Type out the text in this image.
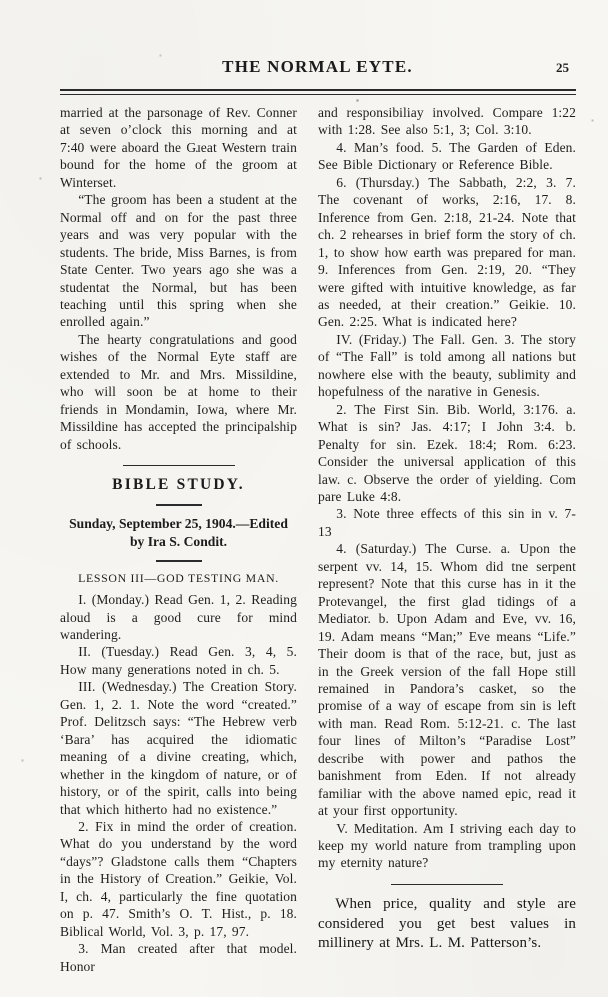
THE NORMAL EYTE.	25

married at the parsonage of Rev. Conner at seven o’clock this morning and at 7:40 were aboard the Gɹeat Western train bound for the home of the groom at Winterset.

“The groom has been a student at the Normal off and on for the past three years and was very popular with the students. The bride, Miss Barnes, is from State Center. Two years ago she was a studentat the Normal, but has been teaching until this spring when she enrolled again.”

The hearty congratulations and good wishes of the Normal Eyte staff are extended to Mr. and Mrs. Missildine, who will soon be at home to their friends in Mondamin, Iowa, where Mr. Missildine has accepted the principalship of schools.

BIBLE STUDY.
Sunday, September 25, 1904.—Edited by Ira S. Condit.
LESSON III—GOD TESTING MAN.

I. (Monday.) Read Gen. 1, 2. Reading aloud is a good cure for mind wandering.

II. (Tuesday.) Read Gen. 3, 4, 5. How many generations noted in ch. 5.

III. (Wednesday.) The Creation Story. Gen. 1, 2. 1. Note the word “created.” Prof. Delitzsch says: “The Hebrew verb ‘Bara’ has acquired the idiomatic meaning of a divine creating, which, whether in the kingdom of nature, or of history, or of the spirit, calls into being that which hitherto had no existence.”

2. Fix in mind the order of creation. What do you understand by the word “days”? Gladstone calls them “Chapters in the History of Creation.” Geikie, Vol. I, ch. 4, particularly the fine quotation on p. 47. Smith’s O. T. Hist., p. 18. Biblical World, Vol. 3, p. 17, 97.

3. Man created after that model. Honor

and responsibiliay involved. Compare 1:22 with 1:28. See also 5:1, 3; Col. 3:10.

4. Man’s food. 5. The Garden of Eden. See Bible Dictionary or Reference Bible.

6. (Thursday.) The Sabbath, 2:2, 3. 7. The covenant of works, 2:16, 17. 8. Inference from Gen. 2:18, 21-24. Note that ch. 2 rehearses in brief form the story of ch. 1, to show how earth was prepared for man. 9. Inferences from Gen. 2:19, 20. “They were gifted with intuitive knowledge, as far as needed, at their creation.” Geikie. 10. Gen. 2:25. What is indicated here?

IV. (Friday.) The Fall. Gen. 3. The story of “The Fall” is told among all nations but nowhere else with the beauty, sublimity and hopefulness of the narative in Genesis.

2. The First Sin. Bib. World, 3:176. a. What is sin? Jas. 4:17; I John 3:4. b. Penalty for sin. Ezek. 18:4; Rom. 6:23. Consider the universal application of this law. c. Observe the order of yielding. Com pare Luke 4:8.

3. Note three effects of this sin in v. 7-13

4. (Saturday.) The Curse. a. Upon the serpent vv. 14, 15. Whom did tne serpent represent? Note that this curse has in it the Protevangel, the first glad tidings of a Mediator. b. Upon Adam and Eve, vv. 16, 19. Adam means “Man;” Eve means “Life.” Their doom is that of the race, but, just as in the Greek version of the fall Hope still remained in Pandora’s casket, so the promise of a way of escape from sin is left with man. Read Rom. 5:12-21. c. The last four lines of Milton’s “Paradise Lost” describe with power and pathos the banishment from Eden. If not already familiar with the above named epic, read it at your first opportunity.

V. Meditation. Am I striving each day to keep my world nature from trampling upon my eternity nature?

When price, quality and style are considered you get best values in millinery at Mrs. L. M. Patterson’s.
